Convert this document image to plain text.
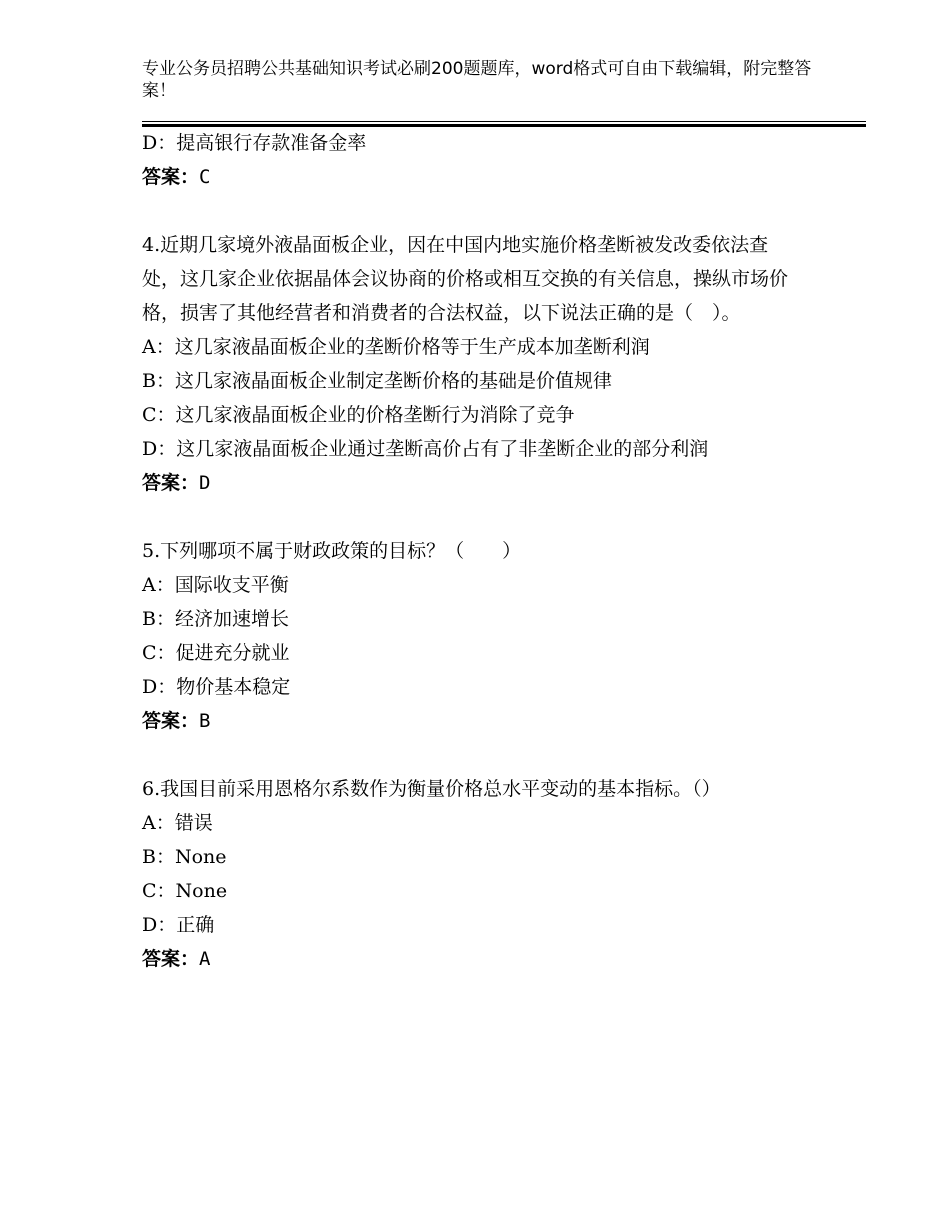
专业公务员招聘公共基础知识考试必刷200题题库，word格式可自由下载编辑，附完整答案！
D：提高银行存款准备金率
答案：C
4.近期几家境外液晶面板企业，因在中国内地实施价格垄断被发改委依法查处，这几家企业依据晶体会议协商的价格或相互交换的有关信息，操纵市场价格，损害了其他经营者和消费者的合法权益，以下说法正确的是（　）。
A：这几家液晶面板企业的垄断价格等于生产成本加垄断利润
B：这几家液晶面板企业制定垄断价格的基础是价值规律
C：这几家液晶面板企业的价格垄断行为消除了竞争
D：这几家液晶面板企业通过垄断高价占有了非垄断企业的部分利润
答案：D
5.下列哪项不属于财政政策的目标？（　　）
A：国际收支平衡
B：经济加速增长
C：促进充分就业
D：物价基本稳定
答案：B
6.我国目前采用恩格尔系数作为衡量价格总水平变动的基本指标。（）
A：错误
B：None
C：None
D：正确
答案：A
